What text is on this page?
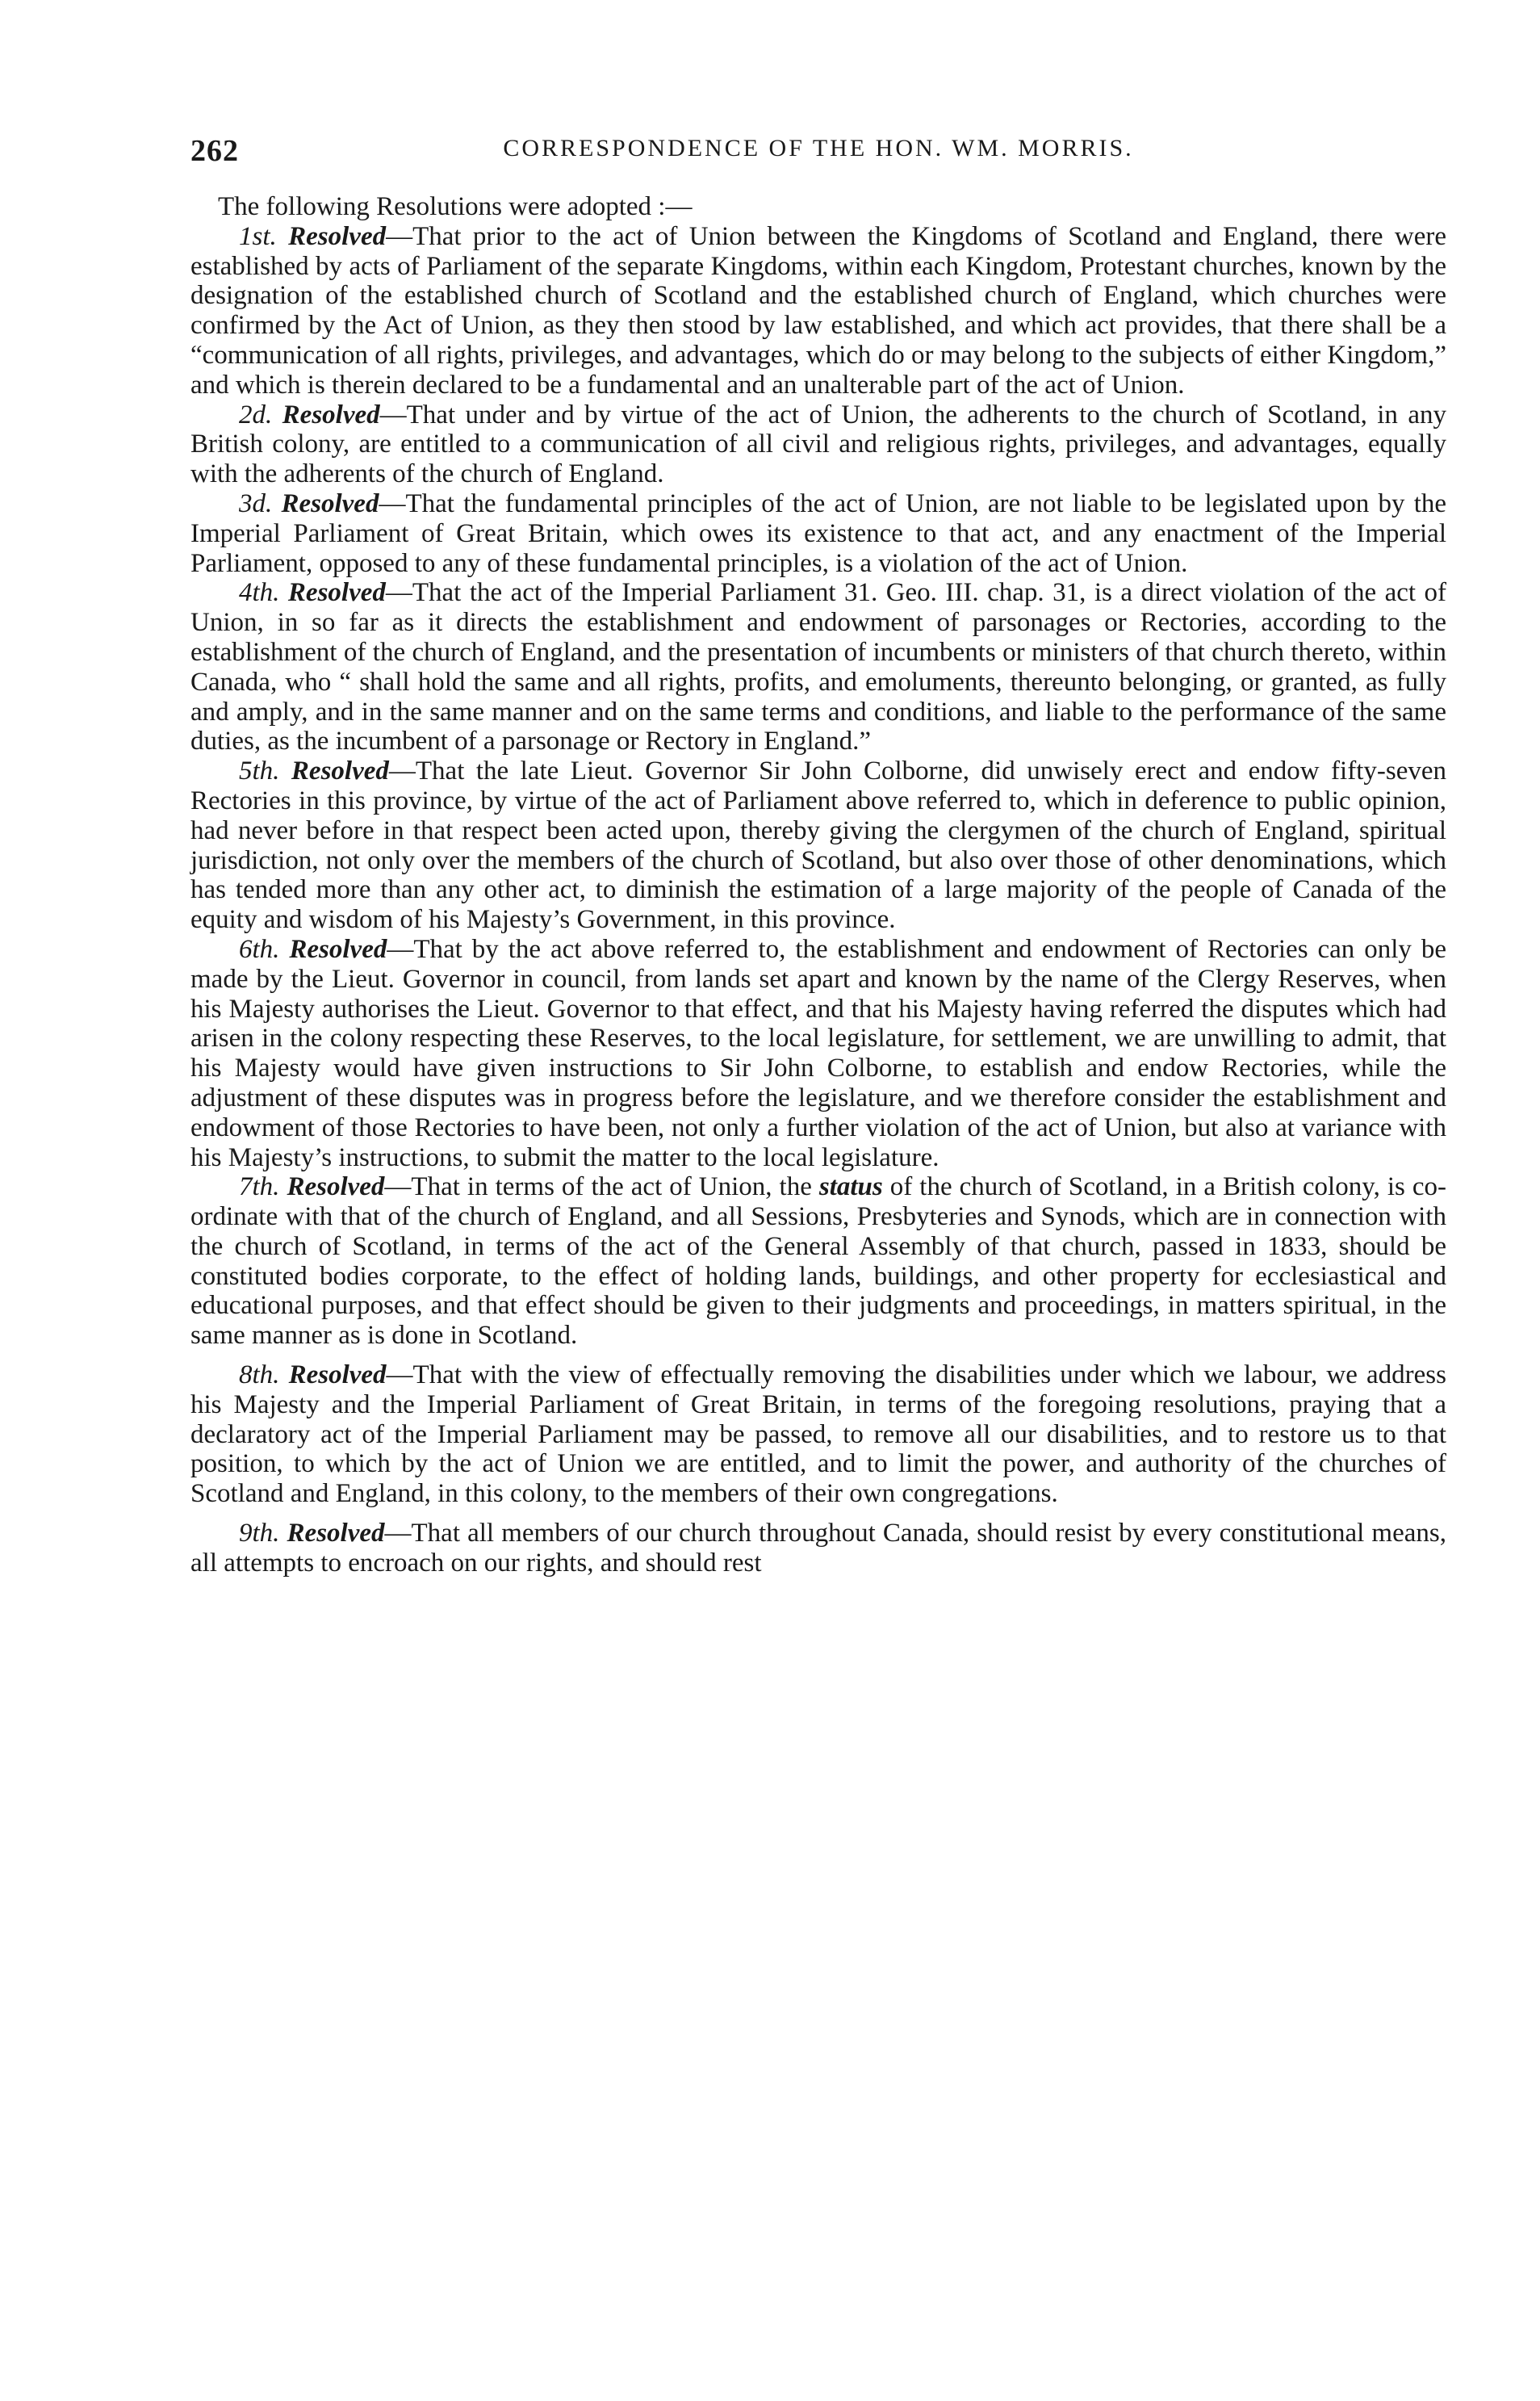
262	CORRESPONDENCE OF THE HON. WM. MORRIS.

The following Resolutions were adopted :—

1st. Resolved—That prior to the act of Union between the Kingdoms of Scotland and England, there were established by acts of Parliament of the separate Kingdoms, within each Kingdom, Protestant churches, known by the designation of the established church of Scotland and the established church of England, which churches were confirmed by the Act of Union, as they then stood by law established, and which act provides, that there shall be a “communication of all rights, privileges, and advantages, which do or may belong to the subjects of either Kingdom,” and which is therein declared to be a fundamental and an unalterable part of the act of Union.

2d. Resolved—That under and by virtue of the act of Union, the adherents to the church of Scotland, in any British colony, are entitled to a communication of all civil and religious rights, privileges, and advantages, equally with the adherents of the church of England.

3d. Resolved—That the fundamental principles of the act of Union, are not liable to be legislated upon by the Imperial Parliament of Great Britain, which owes its existence to that act, and any enactment of the Imperial Parliament, opposed to any of these fundamental principles, is a violation of the act of Union.

4th. Resolved—That the act of the Imperial Parliament 31. Geo. III. chap. 31, is a direct violation of the act of Union, in so far as it directs the establishment and endowment of parsonages or Rectories, according to the establishment of the church of England, and the presentation of incumbents or ministers of that church thereto, within Canada, who “ shall hold the same and all rights, profits, and emoluments, thereunto belonging, or granted, as fully and amply, and in the same manner and on the same terms and conditions, and liable to the performance of the same duties, as the incumbent of a parsonage or Rectory in England.”

5th. Resolved—That the late Lieut. Governor Sir John Colborne, did unwisely erect and endow fifty-seven Rectories in this province, by virtue of the act of Parliament above referred to, which in deference to public opinion, had never before in that respect been acted upon, thereby giving the clergymen of the church of England, spiritual jurisdiction, not only over the members of the church of Scotland, but also over those of other denominations, which has tended more than any other act, to diminish the estimation of a large majority of the people of Canada of the equity and wisdom of his Majesty’s Government, in this province.

6th. Resolved—That by the act above referred to, the establishment and endowment of Rectories can only be made by the Lieut. Governor in council, from lands set apart and known by the name of the Clergy Reserves, when his Majesty authorises the Lieut. Governor to that effect, and that his Majesty having referred the disputes which had arisen in the colony respecting these Reserves, to the local legislature, for settlement, we are unwilling to admit, that his Majesty would have given instructions to Sir John Colborne, to establish and endow Rectories, while the adjustment of these disputes was in progress before the legislature, and we therefore consider the establishment and endowment of those Rectories to have been, not only a further violation of the act of Union, but also at variance with his Majesty’s instructions, to submit the matter to the local legislature.

7th. Resolved—That in terms of the act of Union, the status of the church of Scotland, in a British colony, is co-ordinate with that of the church of England, and all Sessions, Presbyteries and Synods, which are in connection with the church of Scotland, in terms of the act of the General Assembly of that church, passed in 1833, should be constituted bodies corporate, to the effect of holding lands, buildings, and other property for ecclesiastical and educational purposes, and that effect should be given to their judgments and proceedings, in matters spiritual, in the same manner as is done in Scotland.

8th. Resolved—That with the view of effectually removing the disabilities under which we labour, we address his Majesty and the Imperial Parliament of Great Britain, in terms of the foregoing resolutions, praying that a declaratory act of the Imperial Parliament may be passed, to remove all our disabilities, and to restore us to that position, to which by the act of Union we are entitled, and to limit the power, and authority of the churches of Scotland and England, in this colony, to the members of their own congregations.

9th. Resolved—That all members of our church throughout Canada, should resist by every constitutional means, all attempts to encroach on our rights, and should rest
